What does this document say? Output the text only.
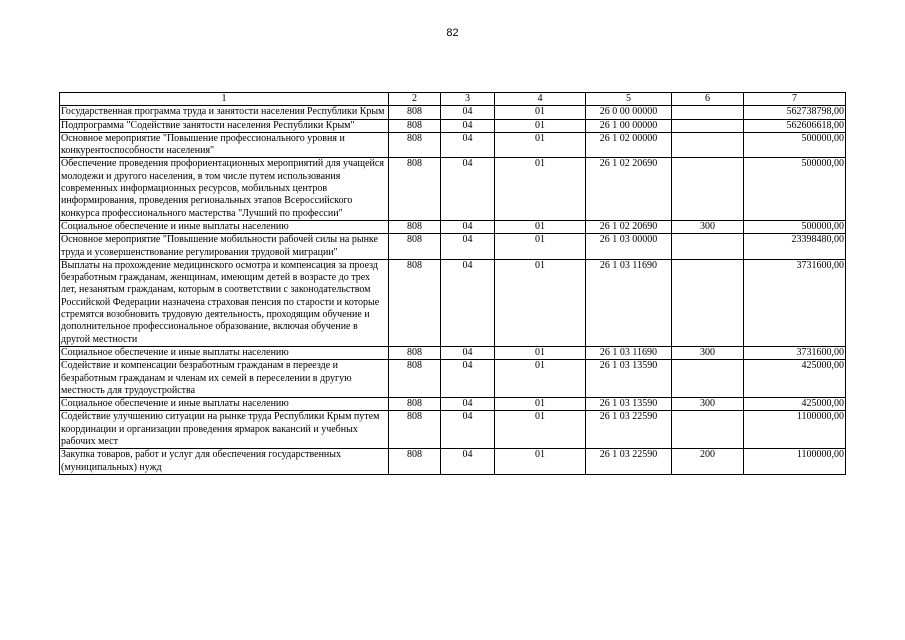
82
1	2	3	4	5	6	7
Государственная программа труда и занятости населения Республики Крым	808	04	01	26 0 00 00000		562738798,00
Подпрограмма "Содействие занятости населения Республики Крым"	808	04	01	26 1 00 00000		562606618,00
Основное мероприятие "Повышение профессионального уровня и конкурентоспособности населения"	808	04	01	26 1 02 00000		500000,00
Обеспечение проведения профориентационных мероприятий для учащейся молодежи и другого населения, в том числе путем использования современных информационных ресурсов, мобильных центров информирования, проведения региональных этапов Всероссийского конкурса профессионального мастерства "Лучший по профессии"	808	04	01	26 1 02 20690		500000,00
Социальное обеспечение и иные выплаты населению	808	04	01	26 1 02 20690	300	500000,00
Основное мероприятие "Повышение мобильности рабочей силы на рынке труда и усовершенствование регулирования трудовой миграции"	808	04	01	26 1 03 00000		23398480,00
Выплаты на прохождение медицинского осмотра и компенсация за проезд безработным гражданам, женщинам, имеющим детей в возрасте до трех лет, незанятым гражданам, которым в соответствии с законодательством Российской Федерации назначена страховая пенсия по старости и которые стремятся возобновить трудовую деятельность, проходящим обучение и дополнительное профессиональное образование, включая обучение в другой местности	808	04	01	26 1 03 11690		3731600,00
Социальное обеспечение и иные выплаты населению	808	04	01	26 1 03 11690	300	3731600,00
Содействие и компенсации безработным гражданам в переезде и безработным гражданам и членам их семей в переселении в другую местность для трудоустройства	808	04	01	26 1 03 13590		425000,00
Социальное обеспечение и иные выплаты населению	808	04	01	26 1 03 13590	300	425000,00
Содействие улучшению ситуации на рынке труда Республики Крым путем координации и организации проведения ярмарок вакансий и учебных рабочих мест	808	04	01	26 1 03 22590		1100000,00
Закупка товаров, работ и услуг для обеспечения государственных (муниципальных) нужд	808	04	01	26 1 03 22590	200	1100000,00
